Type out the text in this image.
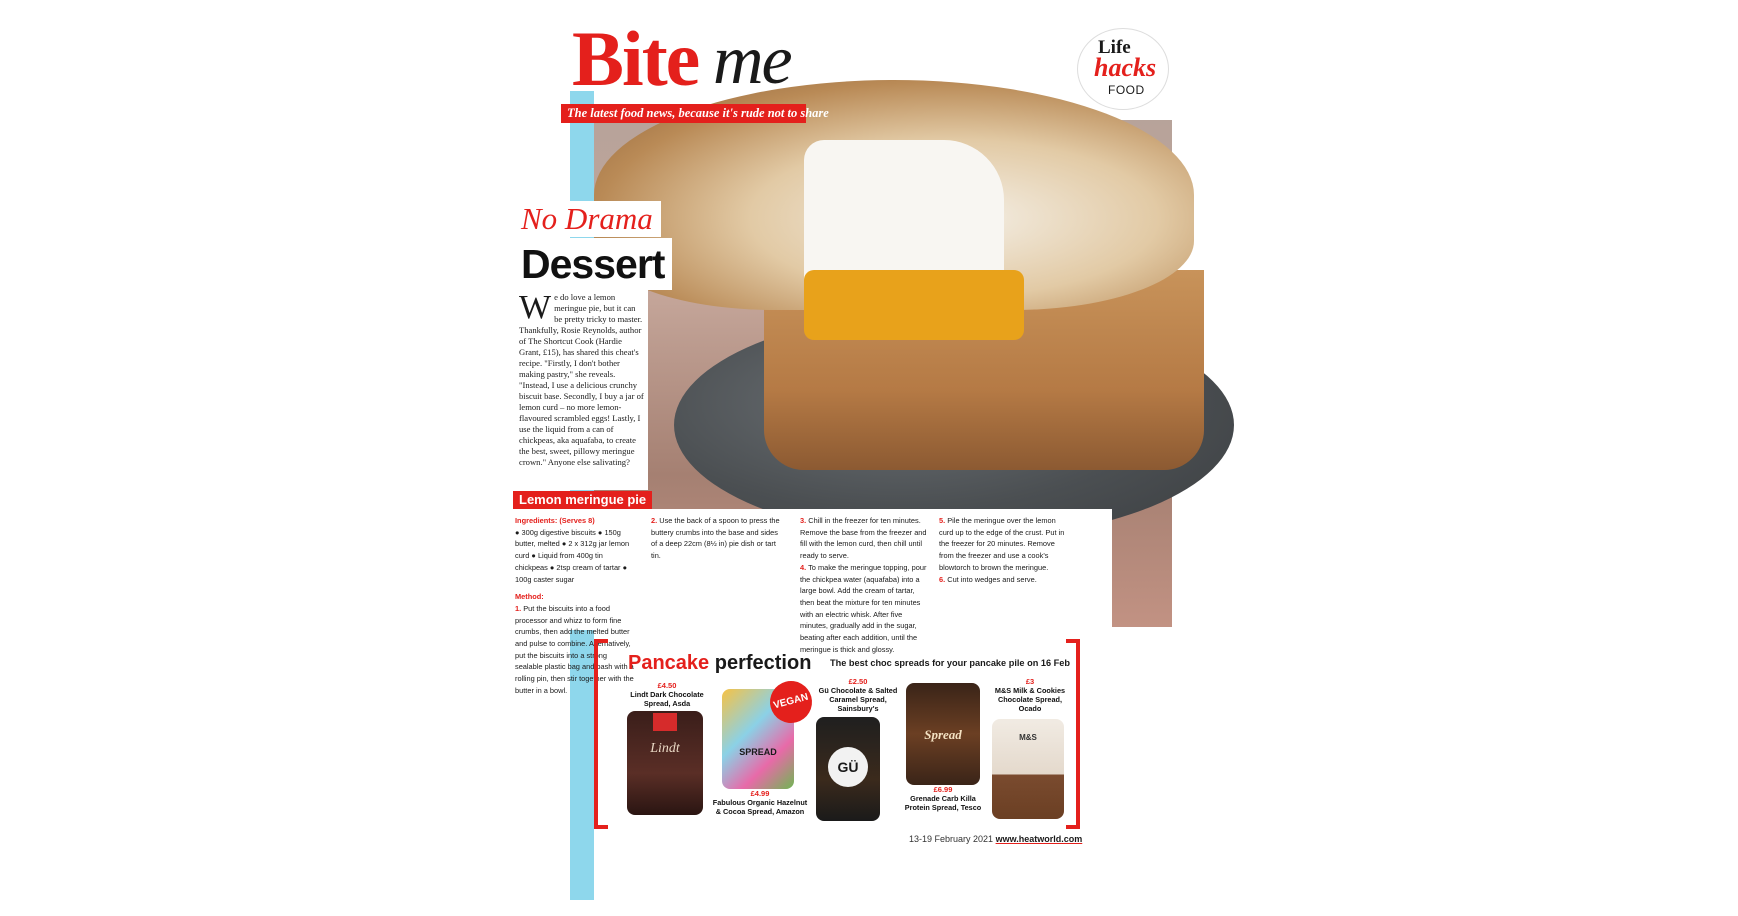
Bite me
The latest food news, because it's rude not to share
Life
hacks
FOOD
No Drama
Dessert
We do love a lemon meringue pie, but it can be pretty tricky to master. Thankfully, Rosie Reynolds, author of The Shortcut Cook (Hardie Grant, £15), has shared this cheat's recipe. "Firstly, I don't bother making pastry," she reveals. "Instead, I use a delicious crunchy biscuit base. Secondly, I buy a jar of lemon curd – no more lemon-flavoured scrambled eggs! Lastly, I use the liquid from a can of chickpeas, aka aquafaba, to create the best, sweet, pillowy meringue crown." Anyone else salivating?
Lemon meringue pie
Ingredients: (Serves 8)
● 300g digestive biscuits ● 150g butter, melted ● 2 x 312g jar lemon curd ● Liquid from 400g tin chickpeas ● 2tsp cream of tartar ● 100g caster sugar
Method:
1. Put the biscuits into a food processor and whizz to form fine crumbs, then add the melted butter and pulse to combine. Alternatively, put the biscuits into a strong sealable plastic bag and bash with a rolling pin, then stir together with the butter in a bowl.
2. Use the back of a spoon to press the buttery crumbs into the base and sides of a deep 22cm (8½ in) pie dish or tart tin.
3. Chill in the freezer for ten minutes. Remove the base from the freezer and fill with the lemon curd, then chill until ready to serve.
4. To make the meringue topping, pour the chickpea water (aquafaba) into a large bowl. Add the cream of tartar, then beat the mixture for ten minutes with an electric whisk. After five minutes, gradually add in the sugar, beating after each addition, until the meringue is thick and glossy.
5. Pile the meringue over the lemon curd up to the edge of the crust. Put in the freezer for 20 minutes. Remove from the freezer and use a cook's blowtorch to brown the meringue.
6. Cut into wedges and serve.
Pancake perfection The best choc spreads for your pancake pile on 16 Feb
£4.50
Lindt Dark Chocolate Spread, Asda
Lindt	SPREAD
VEGAN
£4.99
Fabulous Organic Hazelnut & Cocoa Spread, Amazon
£2.50
Gü Chocolate & Salted Caramel Spread, Sainsbury's
GÜ
Spread
£6.99
Grenade Carb Killa Protein Spread, Tesco
£3
M&S Milk & Cookies Chocolate Spread, Ocado
M&S
13-19 February 2021 www.heatworld.com
